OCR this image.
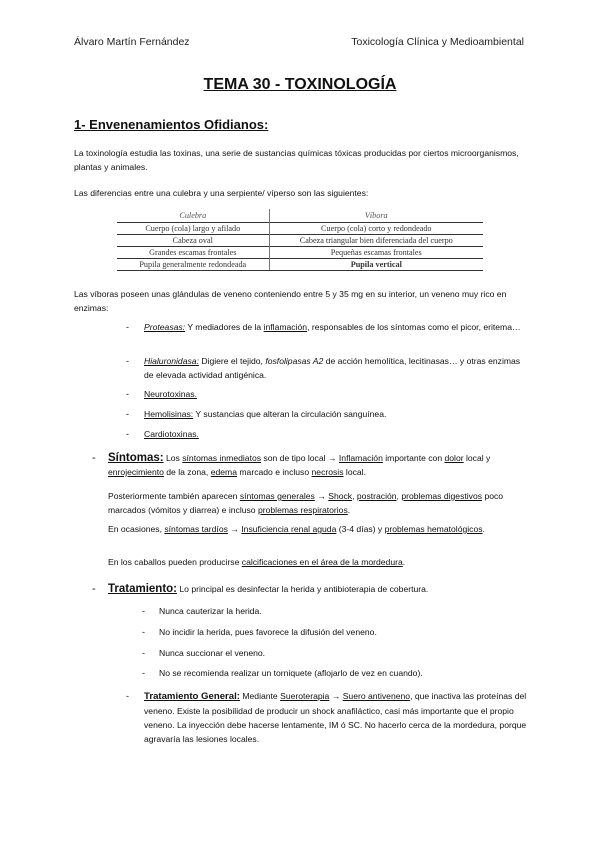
Álvaro Martín Fernández	Toxicología Clínica y Medioambiental
TEMA 30 - TOXINOLOGÍA
1- Envenenamientos Ofidianos:
La toxinología estudia las toxinas, una serie de sustancias químicas tóxicas producidas por ciertos microorganismos, plantas y animales.
Las diferencias entre una culebra y una serpiente/ víperso son las siguientes:
Culebra	Víbora
Cuerpo (cola) largo y afilado	Cuerpo (cola) corto y redondeado
Cabeza oval	Cabeza triangular bien diferenciada del cuerpo
Grandes escamas frontales	Pequeñas escamas frontales
Pupila generalmente redondeada	Pupila vertical
Las víboras poseen unas glándulas de veneno conteniendo entre 5 y 35 mg en su interior, un veneno muy rico en enzimas:
- Proteasas: Y mediadores de la inflamación, responsables de los síntomas como el picor, eritema…
- Hialuronidasa: Digiere el tejido, fosfolipasas A2 de acción hemolítica, lecitinasas… y otras enzimas de elevada actividad antigénica.
- Neurotoxinas.
- Hemolisinas: Y sustancias que alteran la circulación sanguínea.
- Cardiotoxinas.
- Síntomas: Los síntomas inmediatos son de tipo local → Inflamación importante con dolor local y enrojecimiento de la zona, edema marcado e incluso necrosis local.
Posteriormente también aparecen síntomas generales → Shock, postración, problemas digestivos poco marcados (vómitos y diarrea) e incluso problemas respiratorios.
En ocasiones, síntomas tardíos → Insuficiencia renal aguda (3-4 días) y problemas hematológicos.
En los caballos pueden producirse calcificaciones en el área de la mordedura.
- Tratamiento: Lo principal es desinfectar la herida y antibioterapia de cobertura.
- Nunca cauterizar la herida.
- No incidir la herida, pues favorece la difusión del veneno.
- Nunca succionar el veneno.
- No se recomienda realizar un torniquete (aflojarlo de vez en cuando).
- Tratamiento General: Mediante Sueroterapia → Suero antiveneno, que inactiva las proteínas del veneno. Existe la posibilidad de producir un shock anafiláctico, casi más importante que el propio veneno. La inyección debe hacerse lentamente, IM ó SC. No hacerlo cerca de la mordedura, porque agravaría las lesiones locales.
